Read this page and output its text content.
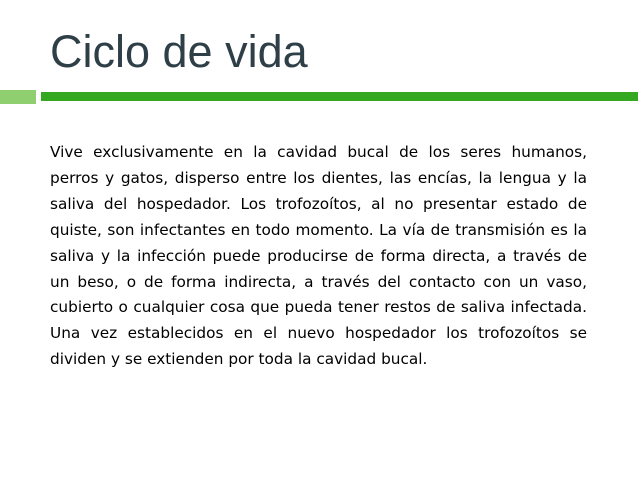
Ciclo de vida

Vive exclusivamente en la cavidad bucal de los seres humanos, perros y gatos, disperso entre los dientes, las encías, la lengua y la saliva del hospedador. Los trofozoítos, al no presentar estado de quiste, son infectantes en todo momento. La vía de transmisión es la saliva y la infección puede producirse de forma directa, a través de un beso, o de forma indirecta, a través del contacto con un vaso, cubierto o cualquier cosa que pueda tener restos de saliva infectada. Una vez establecidos en el nuevo hospedador los trofozoítos se dividen y se extienden por toda la cavidad bucal.
